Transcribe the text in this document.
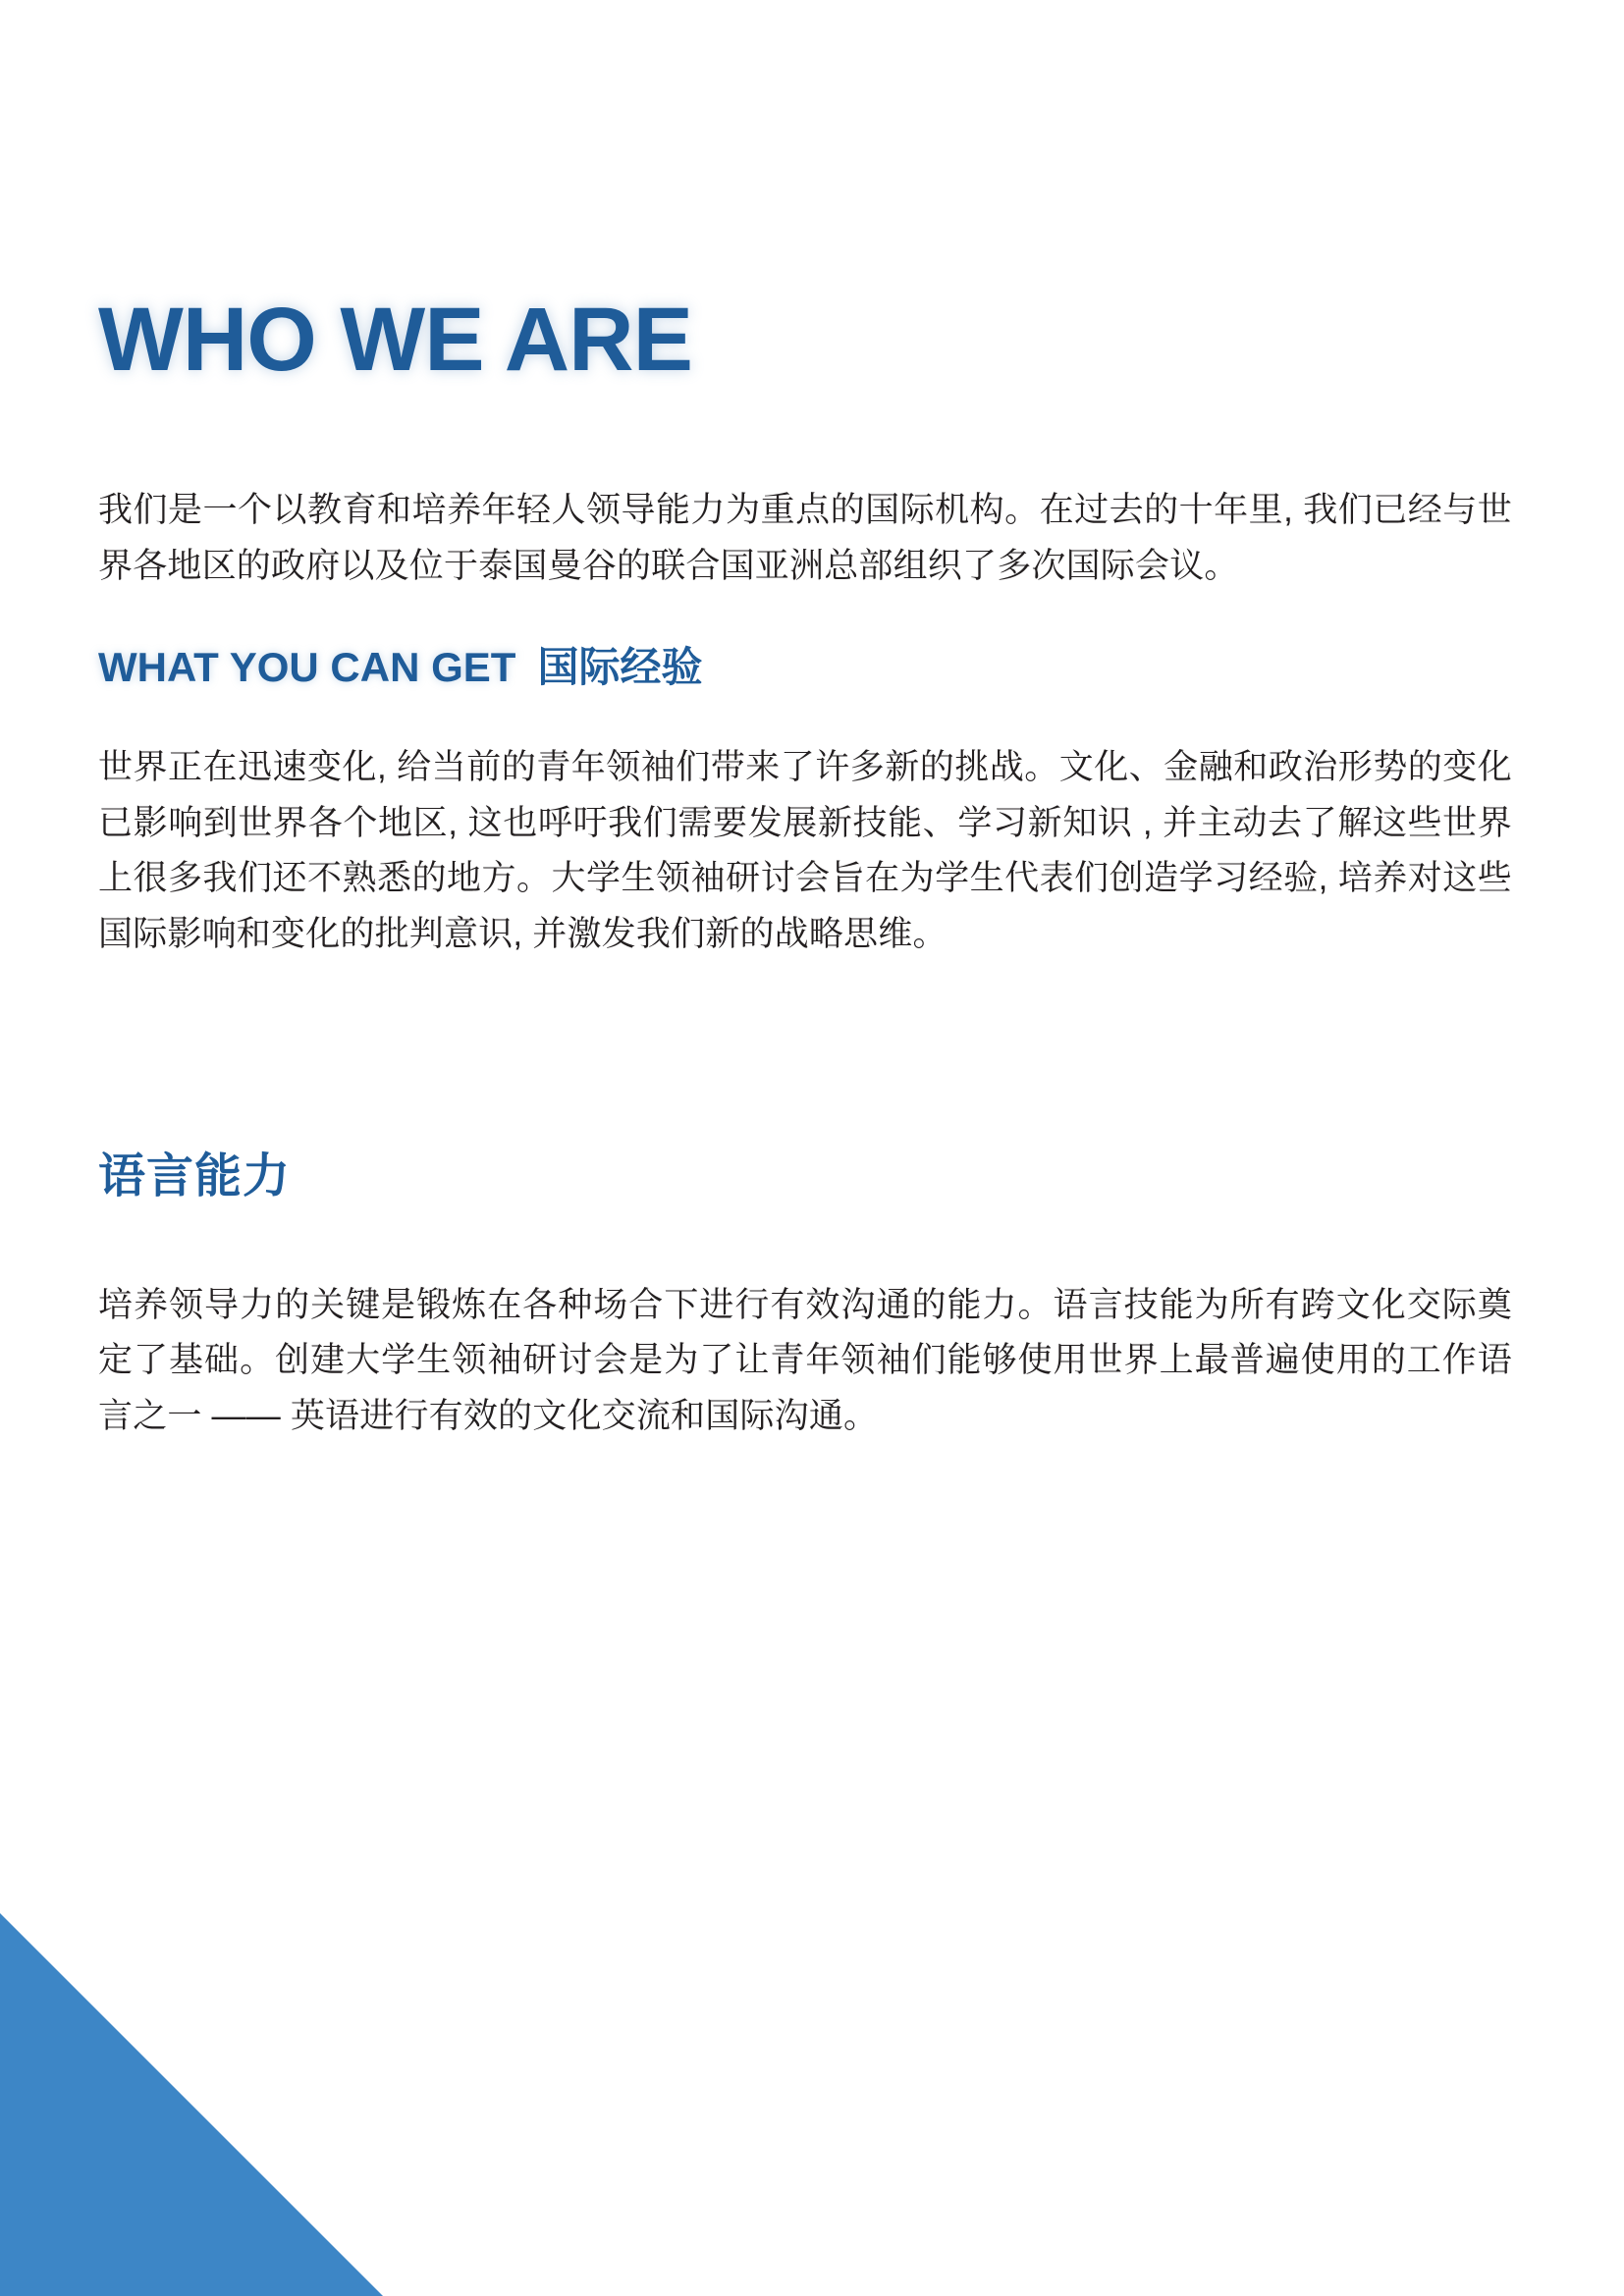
WHO WE ARE

我们是一个以教育和培养年轻人领导能力为重点的国际机构。在过去的十年里, 我们已经与世界各地区的政府以及位于泰国曼谷的联合国亚洲总部组织了多次国际会议。

WHAT YOU CAN GET 国际经验

世界正在迅速变化, 给当前的青年领袖们带来了许多新的挑战。文化、金融和政治形势的变化已影响到世界各个地区, 这也呼吁我们需要发展新技能、学习新知识 , 并主动去了解这些世界上很多我们还不熟悉的地方。大学生领袖研讨会旨在为学生代表们创造学习经验, 培养对这些国际影响和变化的批判意识, 并激发我们新的战略思维。

语言能力

培养领导力的关键是锻炼在各种场合下进行有效沟通的能力。语言技能为所有跨文化交际奠定了基础。创建大学生领袖研讨会是为了让青年领袖们能够使用世界上最普遍使用的工作语言之一 —— 英语进行有效的文化交流和国际沟通。
